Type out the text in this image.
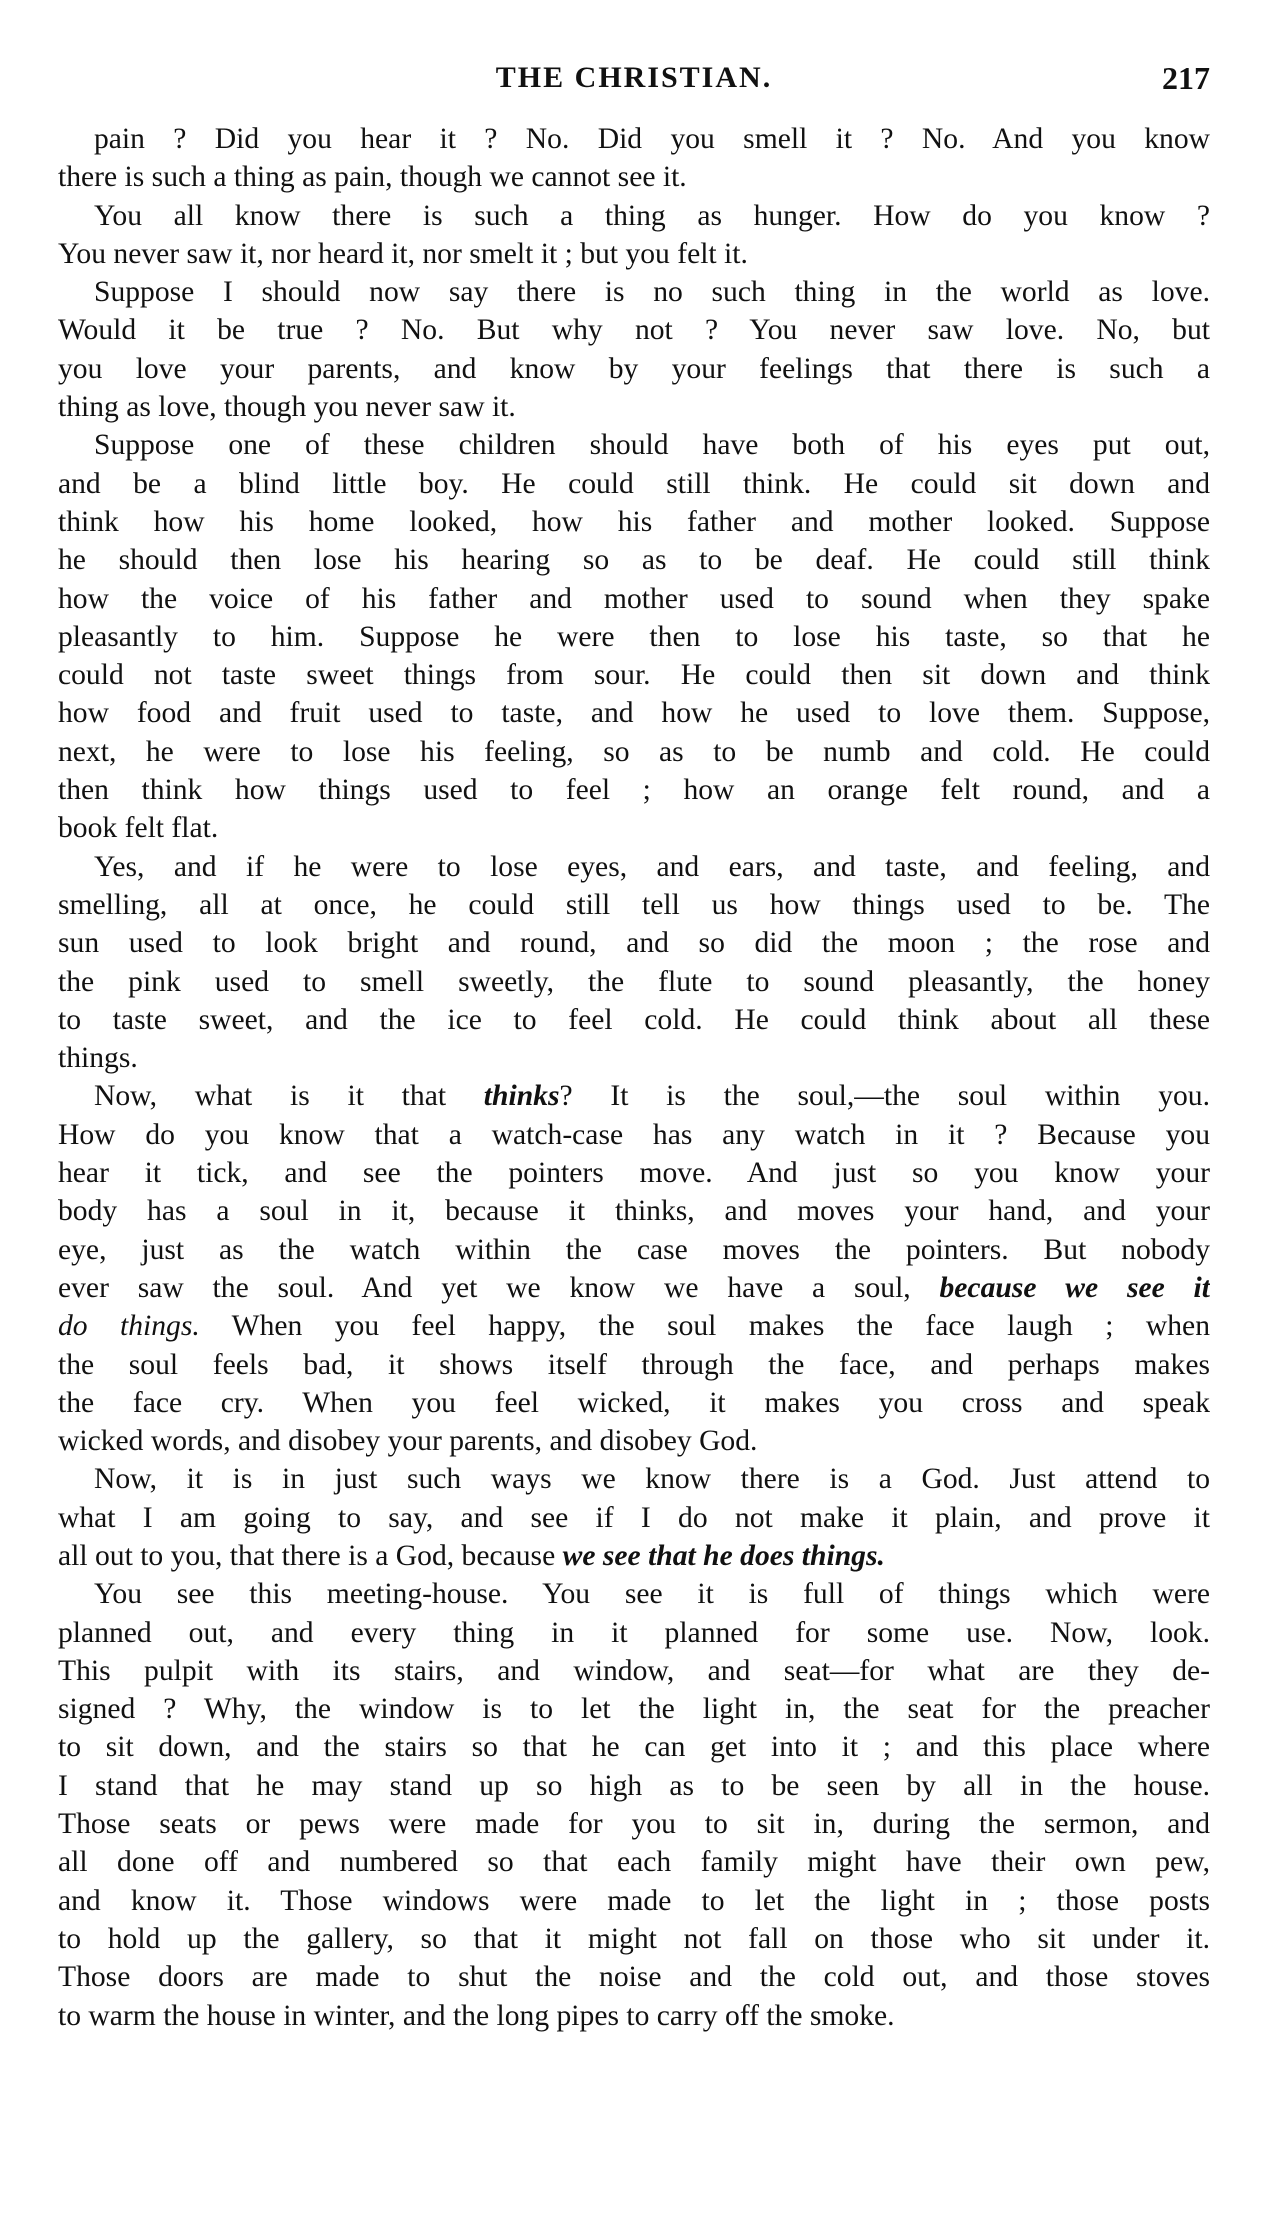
THE CHRISTIAN.	217
pain ? Did you hear it ? No. Did you smell it ? No. And you know
there is such a thing as pain, though we cannot see it.
You all know there is such a thing as hunger. How do you know ?
You never saw it, nor heard it, nor smelt it ; but you felt it.
Suppose I should now say there is no such thing in the world as love.
Would it be true ? No. But why not ? You never saw love. No, but
you love your parents, and know by your feelings that there is such a
thing as love, though you never saw it.
Suppose one of these children should have both of his eyes put out,
and be a blind little boy. He could still think. He could sit down and
think how his home looked, how his father and mother looked. Suppose
he should then lose his hearing so as to be deaf. He could still think
how the voice of his father and mother used to sound when they spake
pleasantly to him. Suppose he were then to lose his taste, so that he
could not taste sweet things from sour. He could then sit down and think
how food and fruit used to taste, and how he used to love them. Suppose,
next, he were to lose his feeling, so as to be numb and cold. He could
then think how things used to feel ; how an orange felt round, and a
book felt flat.
Yes, and if he were to lose eyes, and ears, and taste, and feeling, and
smelling, all at once, he could still tell us how things used to be. The
sun used to look bright and round, and so did the moon ; the rose and
the pink used to smell sweetly, the flute to sound pleasantly, the honey
to taste sweet, and the ice to feel cold. He could think about all these
things.
Now, what is it that thinks? It is the soul,—the soul within you.
How do you know that a watch-case has any watch in it ? Because you
hear it tick, and see the pointers move. And just so you know your
body has a soul in it, because it thinks, and moves your hand, and your
eye, just as the watch within the case moves the pointers. But nobody
ever saw the soul. And yet we know we have a soul, because we see it
do things. When you feel happy, the soul makes the face laugh ; when
the soul feels bad, it shows itself through the face, and perhaps makes
the face cry. When you feel wicked, it makes you cross and speak
wicked words, and disobey your parents, and disobey God.
Now, it is in just such ways we know there is a God. Just attend to
what I am going to say, and see if I do not make it plain, and prove it
all out to you, that there is a God, because we see that he does things.
You see this meeting-house. You see it is full of things which were
planned out, and every thing in it planned for some use. Now, look.
This pulpit with its stairs, and window, and seat—for what are they de-
signed ? Why, the window is to let the light in, the seat for the preacher
to sit down, and the stairs so that he can get into it ; and this place where
I stand that he may stand up so high as to be seen by all in the house.
Those seats or pews were made for you to sit in, during the sermon, and
all done off and numbered so that each family might have their own pew,
and know it. Those windows were made to let the light in ; those posts
to hold up the gallery, so that it might not fall on those who sit under it.
Those doors are made to shut the noise and the cold out, and those stoves
to warm the house in winter, and the long pipes to carry off the smoke.
